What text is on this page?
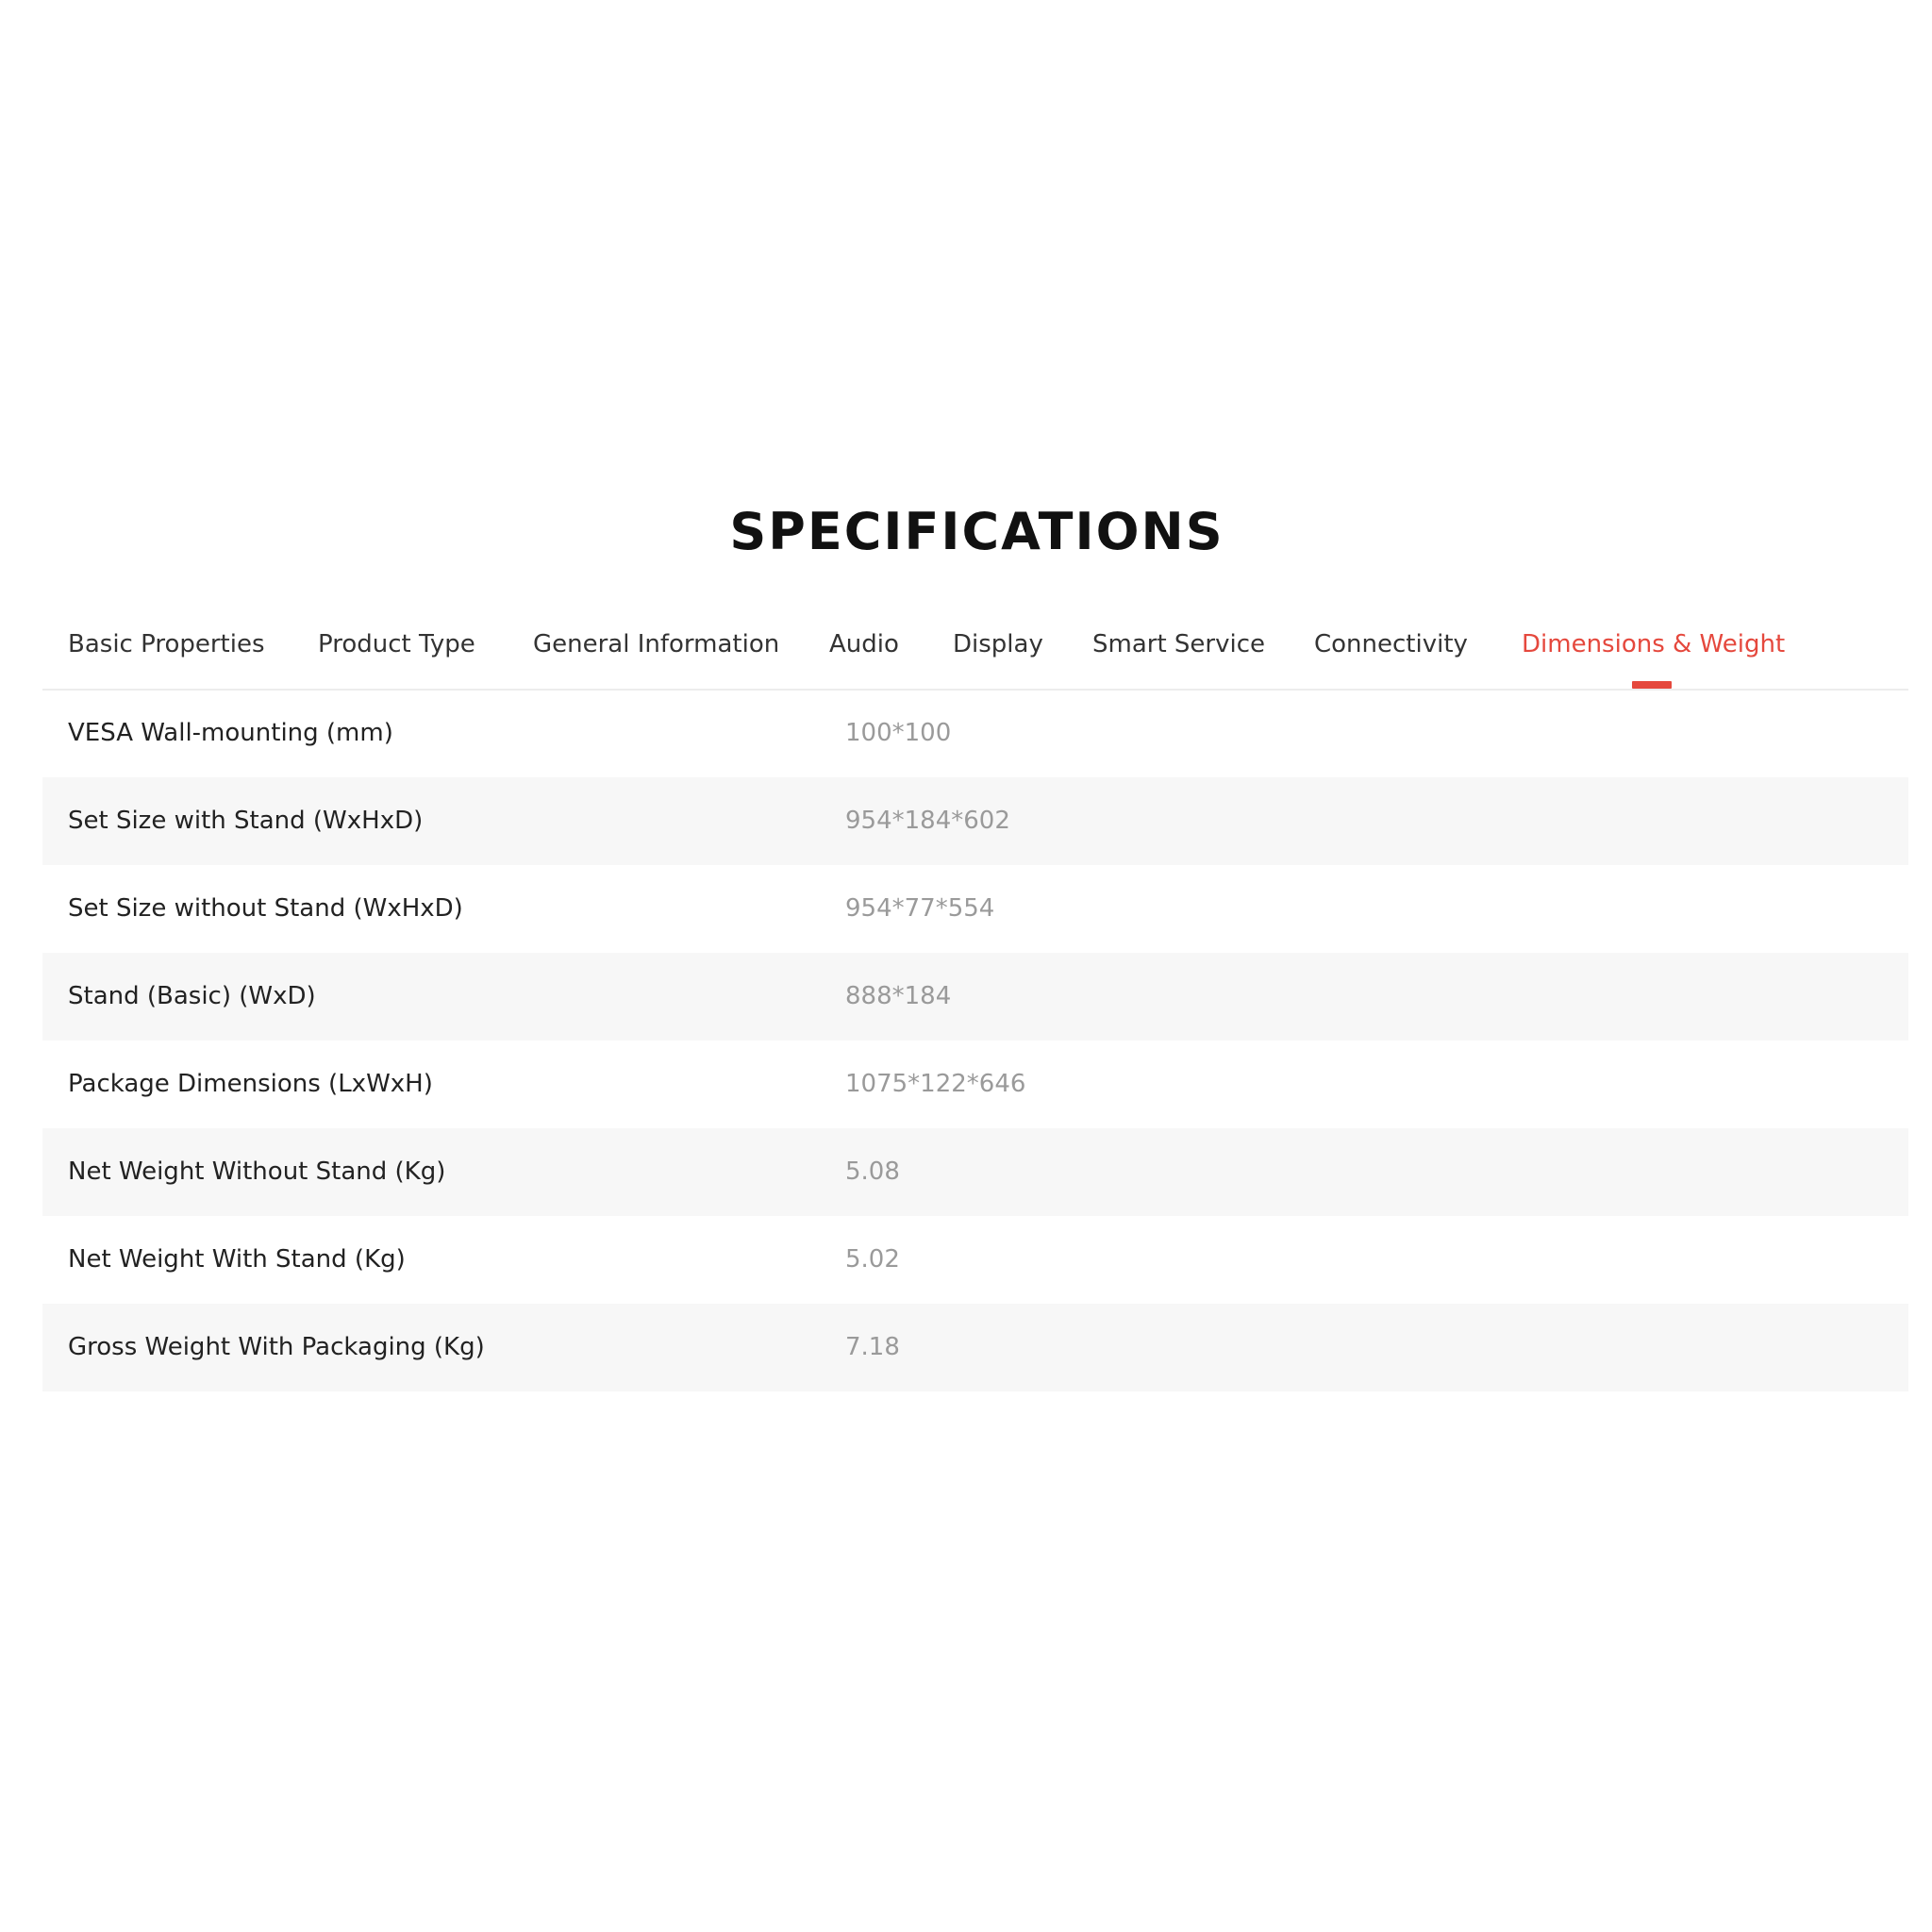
SPECIFICATIONS
Basic Properties Product Type General Information Audio Display Smart Service Connectivity Dimensions & Weight
VESA Wall-mounting (mm)	100*100
Set Size with Stand (WxHxD)	954*184*602
Set Size without Stand (WxHxD)	954*77*554
Stand (Basic) (WxD)	888*184
Package Dimensions (LxWxH)	1075*122*646
Net Weight Without Stand (Kg)	5.08
Net Weight With Stand (Kg)	5.02
Gross Weight With Packaging (Kg)	7.18
